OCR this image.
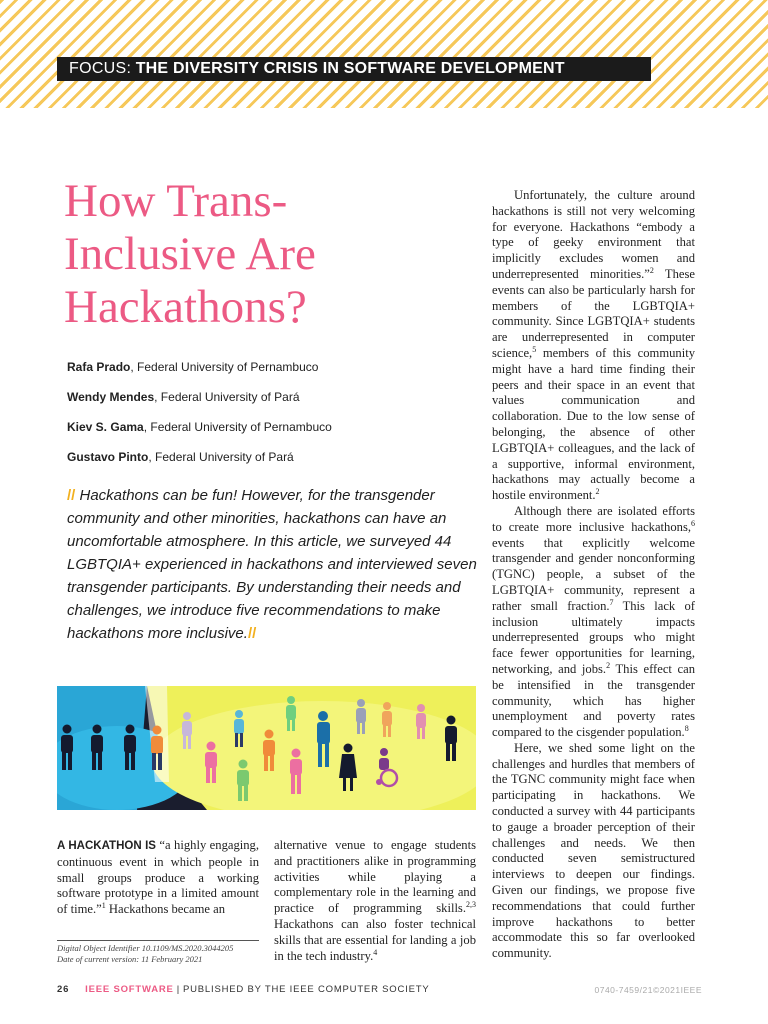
FOCUS: THE DIVERSITY CRISIS IN SOFTWARE DEVELOPMENT
How Trans-
Inclusive Are
Hackathons?
Rafa Prado, Federal University of Pernambuco
Wendy Mendes, Federal University of Pará
Kiev S. Gama, Federal University of Pernambuco
Gustavo Pinto, Federal University of Pará

// Hackathons can be fun! However, for the transgender community and other minorities, hackathons can have an uncomfortable atmosphere. In this article, we surveyed 44 LGBTQIA+ experienced in hackathons and interviewed seven transgender participants. By understanding their needs and challenges, we introduce five recommendations to make hackathons more inclusive.//

A HACKATHON IS “a highly engaging, continuous event in which people in small groups produce a working software prototype in a limited amount of time.”$^1$ Hackathons became an

alternative venue to engage students and practitioners alike in programming activities while playing a complementary role in the learning and practice of programming skills.$^{2,3}$ Hackathons can also foster technical skills that are essential for landing a job in the tech industry.$^4$

Unfortunately, the culture around hackathons is still not very welcoming for everyone. Hackathons “embody a type of geeky environment that implicitly excludes women and underrepresented minorities.”$^2$ These events can also be particularly harsh for members of the LGBTQIA+ community. Since LGBTQIA+ students are underrepresented in computer science,$^5$ members of this community might have a hard time finding their peers and their space in an event that values communication and collaboration. Due to the low sense of belonging, the absence of other LGBTQIA+ colleagues, and the lack of a supportive, informal environment, hackathons may actually become a hostile environment.$^2$

Although there are isolated efforts to create more inclusive hackathons,$^6$ events that explicitly welcome transgender and gender nonconforming (TGNC) people, a subset of the LGBTQIA+ community, represent a rather small fraction.$^7$ This lack of inclusion ultimately impacts underrepresented groups who might face fewer opportunities for learning, networking, and jobs.$^2$ This effect can be intensified in the transgender community, which has higher unemployment and poverty rates compared to the cisgender population.$^8$

Here, we shed some light on the challenges and hurdles that members of the TGNC community might face when participating in hackathons. We conducted a survey with 44 participants to gauge a broader perception of their challenges and needs. We then conducted seven semistructured interviews to deepen our findings. Given our findings, we propose five recommendations that could further improve hackathons to better accommodate this so far overlooked community.

Digital Object Identifier 10.1109/MS.2020.3044205
Date of current version: 11 February 2021
26 IEEE SOFTWARE | PUBLISHED BY THE IEEE COMPUTER SOCIETY	0740-7459/21©2021IEEE
